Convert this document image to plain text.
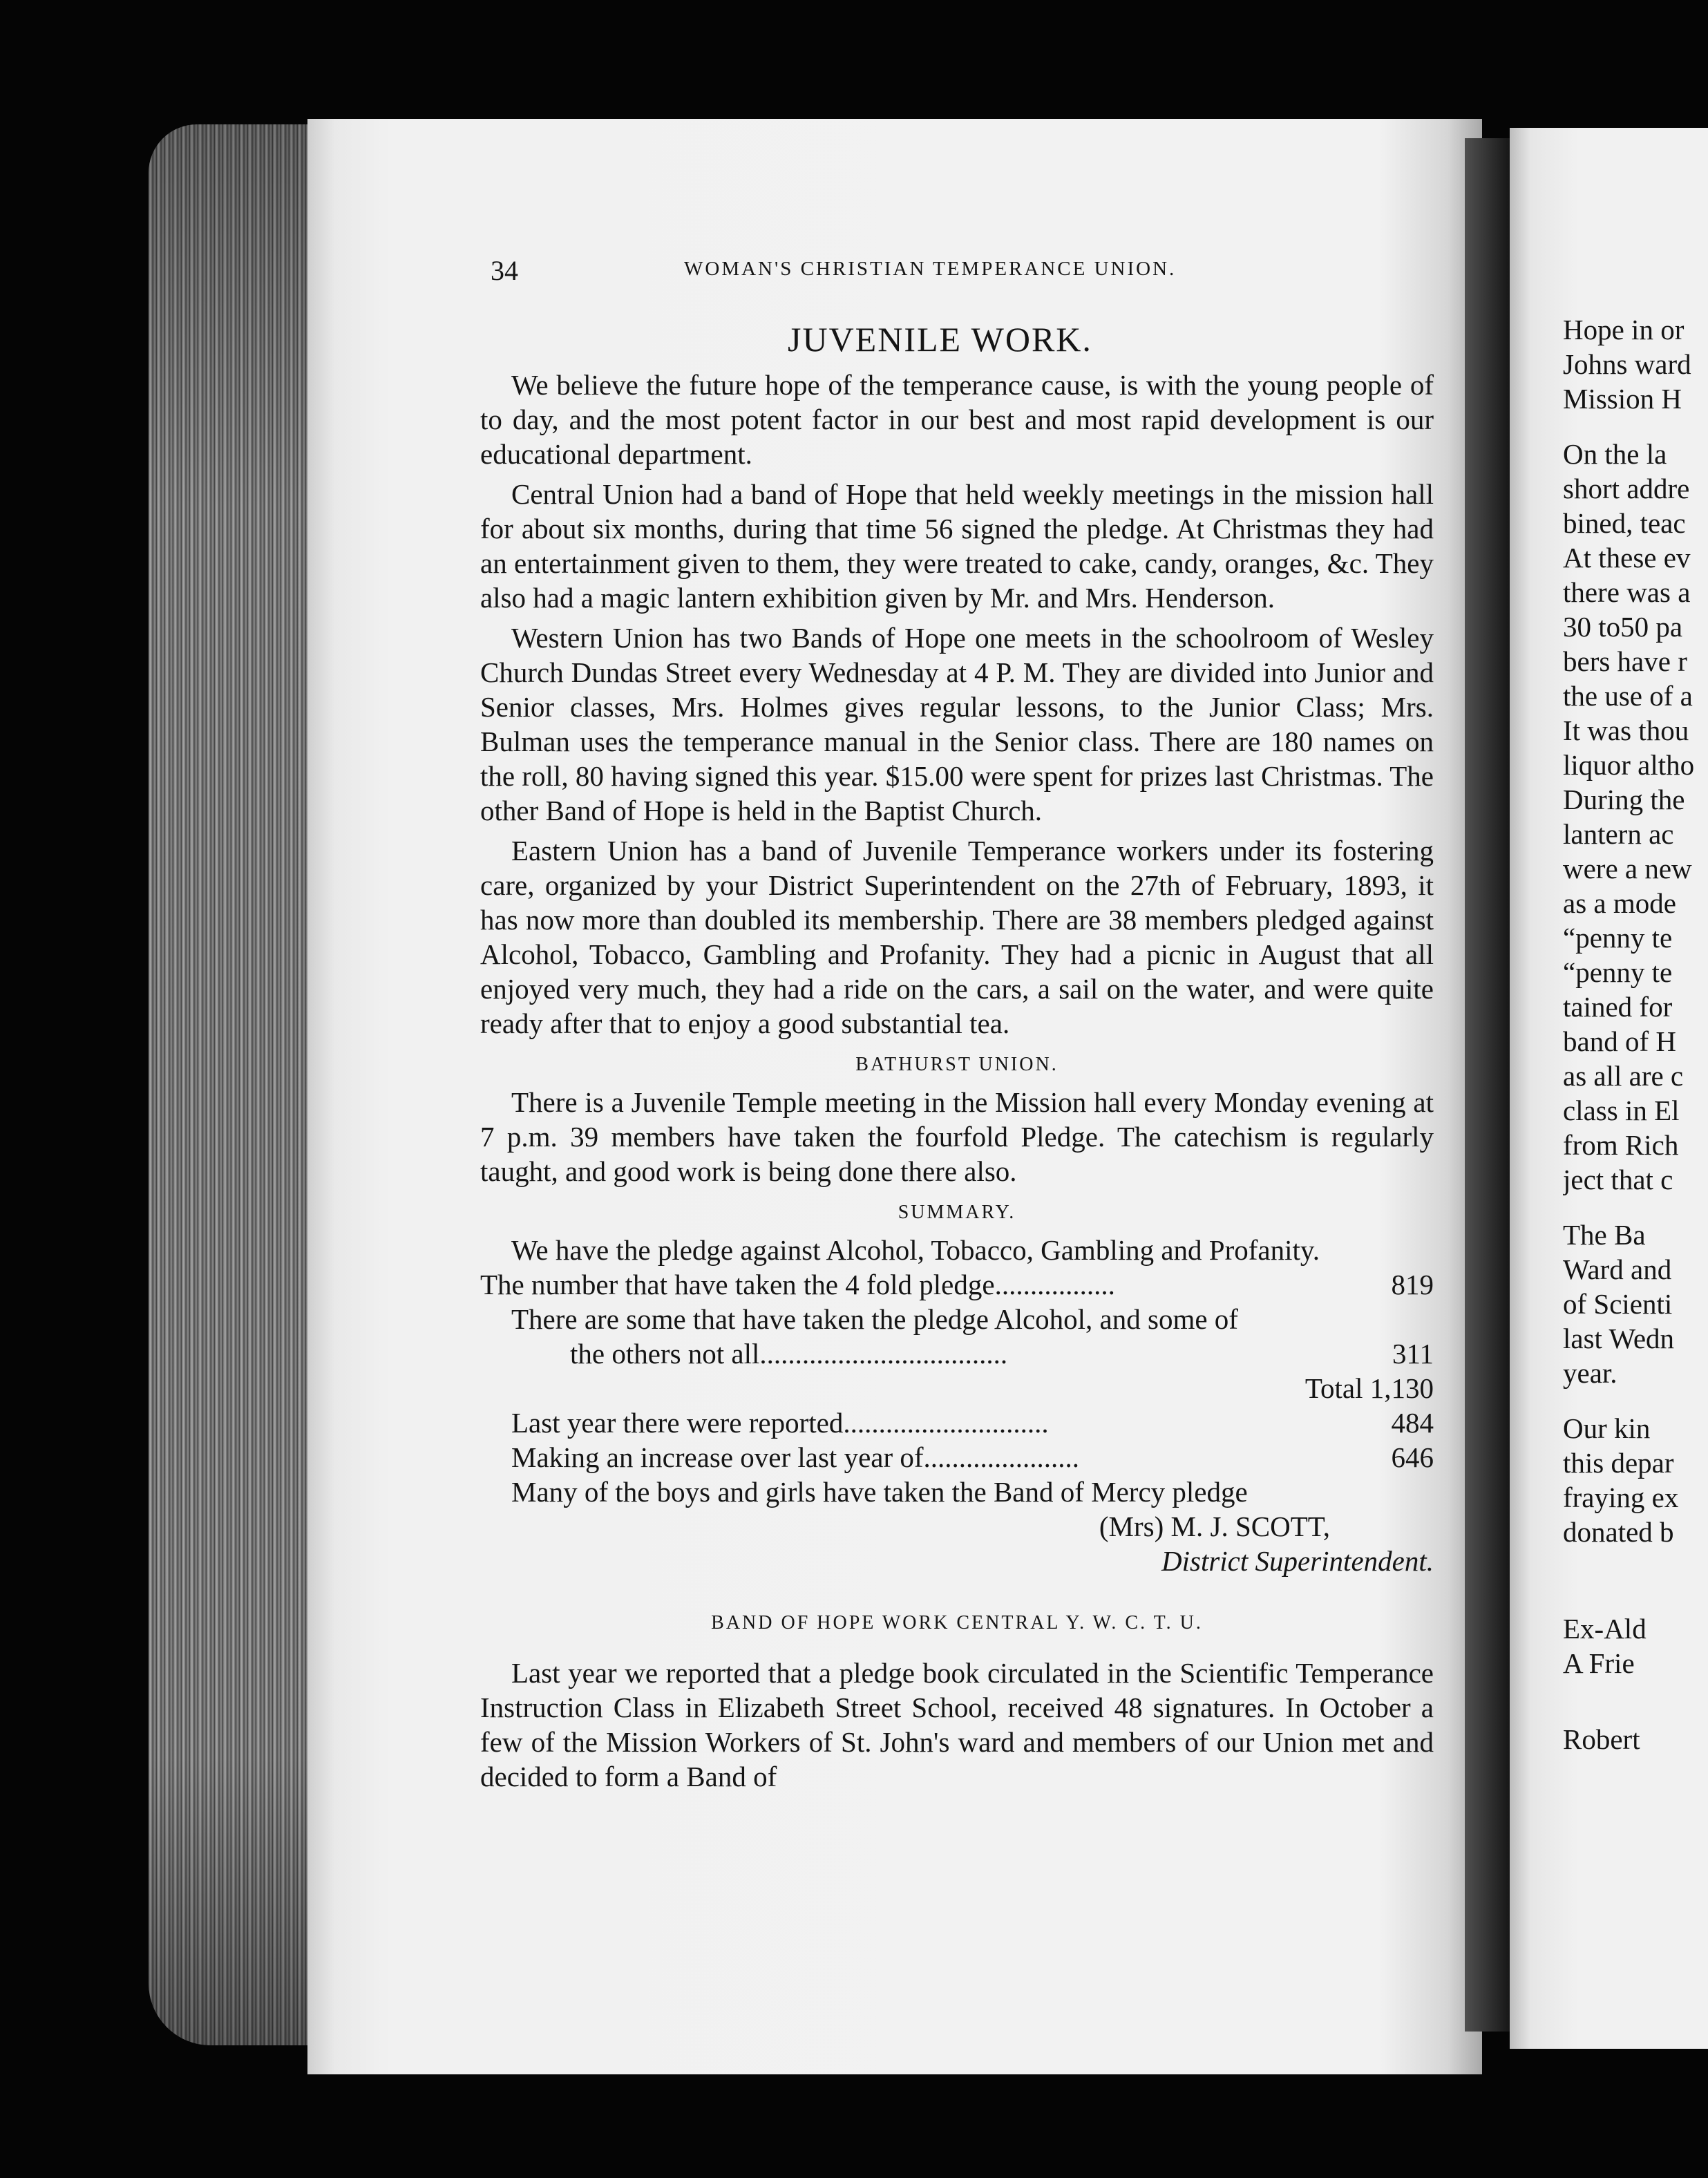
34	WOMAN'S CHRISTIAN TEMPERANCE UNION.
JUVENILE WORK.

We believe the future hope of the temperance cause, is with the young people of to day, and the most potent factor in our best and most rapid development is our educational department.

Central Union had a band of Hope that held weekly meetings in the mission hall for about six months, during that time 56 signed the pledge. At Christmas they had an entertainment given to them, they were treated to cake, candy, oranges, &c. They also had a magic lantern exhibition given by Mr. and Mrs. Henderson.

Western Union has two Bands of Hope one meets in the schoolroom of Wesley Church Dundas Street every Wednesday at 4 P. M. They are divided into Junior and Senior classes, Mrs. Holmes gives regular lessons, to the Junior Class; Mrs. Bulman uses the temperance manual in the Senior class. There are 180 names on the roll, 80 having signed this year. $15.00 were spent for prizes last Christmas. The other Band of Hope is held in the Baptist Church.

Eastern Union has a band of Juvenile Temperance workers under its fostering care, organized by your District Superintendent on the 27th of February, 1893, it has now more than doubled its membership. There are 38 members pledged against Alcohol, Tobacco, Gambling and Profanity. They had a picnic in August that all enjoyed very much, they had a ride on the cars, a sail on the water, and were quite ready after that to enjoy a good substantial tea.

BATHURST UNION.

There is a Juvenile Temple meeting in the Mission hall every Monday evening at 7 p.m. 39 members have taken the fourfold Pledge. The catechism is regularly taught, and good work is being done there also.

SUMMARY.
We have the pledge against Alcohol, Tobacco, Gambling and Profanity.
The number that have taken the 4 fold pledge.................	819
There are some that have taken the pledge Alcohol, and some of
the others not all...................................	311
Total 1,130
Last year there were reported.............................	484
Making an increase over last year of......................	646
Many of the boys and girls have taken the Band of Mercy pledge
(Mrs) M. J. SCOTT,
District Superintendent.
BAND OF HOPE WORK CENTRAL Y. W. C. T. U.

Last year we reported that a pledge book circulated in the Scientific Temperance Instruction Class in Elizabeth Street School, received 48 signatures. In October a few of the Mission Workers of St. John's ward and members of our Union met and decided to form a Band of

Hope in or
Johns ward
Mission H
On the la
short addre
bined, teac
At these ev
there was a
30 to50 pa
bers have r
the use of a
It was thou
liquor altho
During the
lantern ac
were a new
as a mode
“penny te
“penny te
tained for
band of H
as all are c
class in El
from Rich
ject that c
The Ba
Ward and
of Scienti
last Wedn
year.
Our kin
this depar
fraying ex
donated b
Ex-Ald
A Frie
Robert
